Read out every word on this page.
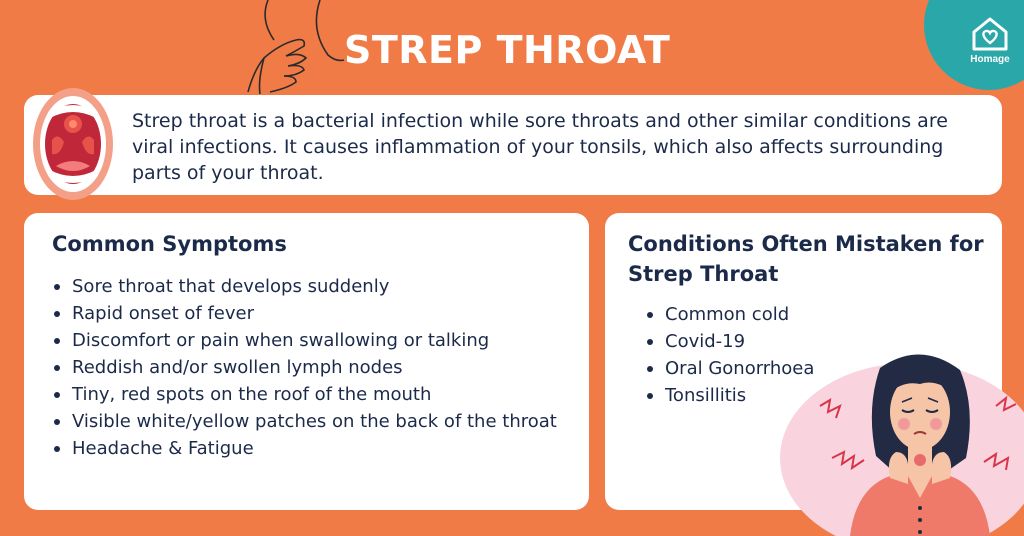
STREP THROAT	Homage
Strep throat is a bacterial infection while sore throats and other similar conditions are viral infections. It causes inflammation of your tonsils, which also affects surrounding parts of your throat.
Common Symptoms
Sore throat that develops suddenly
Rapid onset of fever
Discomfort or pain when swallowing or talking
Reddish and/or swollen lymph nodes
Tiny, red spots on the roof of the mouth
Visible white/yellow patches on the back of the throat
Headache & Fatigue
Conditions Often Mistaken for Strep Throat
Common cold
Covid-19
Oral Gonorrhoea
Tonsillitis
